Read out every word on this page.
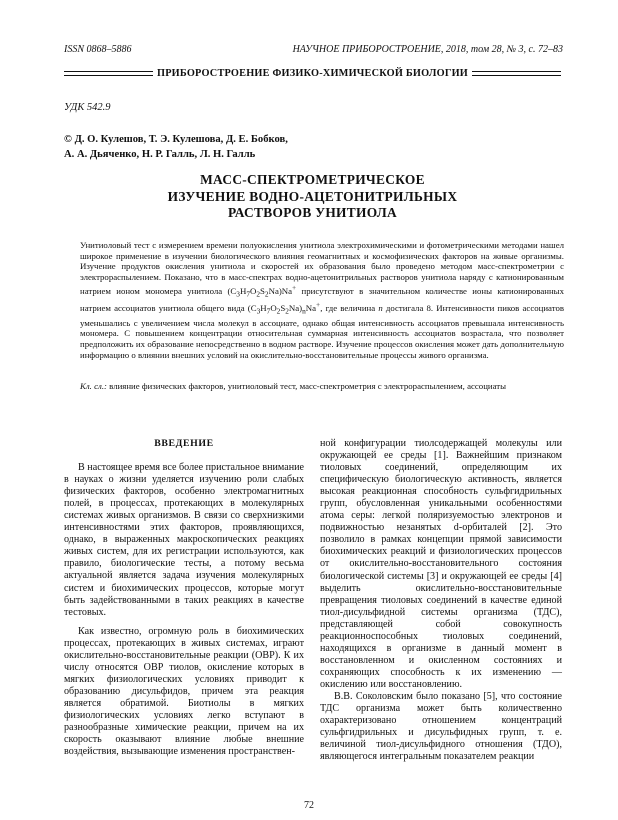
ISSN 0868–5886	НАУЧНОЕ ПРИБОРОСТРОЕНИЕ, 2018, том 28, № 3, с. 72–83
ПРИБОРОСТРОЕНИЕ ФИЗИКО-ХИМИЧЕСКОЙ БИОЛОГИИ
УДК 542.9
© Д. О. Кулешов, Т. Э. Кулешова, Д. Е. Бобков,
А. А. Дьяченко, Н. Р. Галль, Л. Н. Галль
МАСС-СПЕКТРОМЕТРИЧЕСКОЕ
ИЗУЧЕНИЕ ВОДНО-АЦЕТОНИТРИЛЬНЫХ
РАСТВОРОВ УНИТИОЛА
Унитиоловый тест с измерением времени полуокисления унитиола электрохимическими и фотометрическими методами нашел широкое применение в изучении биологического влияния геомагнитных и космофизических факторов на живые организмы. Изучение продуктов окисления унитиола и скоростей их образования было проведено методом масс-спектрометрии с электрораспылением. Показано, что в масс-спектрах водно-ацетонитрильных растворов унитиола наряду с катионированным натрием ионом мономера унитиола $(C_3H_7O_2S_2Na)Na^+$ присутствуют в значительном количестве ионы катионированных натрием ассоциатов унитиола общего вида $(C_3H_7O_2S_2Na)_nNa^+$, где величина n достигала 8. Интенсивности пиков ассоциатов уменьшались с увеличением числа молекул в ассоциате, однако общая интенсивность ассоциатов превышала интенсивность мономера. С повышением концентрации относительная суммарная интенсивность ассоциатов возрастала, что позволяет предположить их образование непосредственно в водном растворе. Изучение процессов окисления может дать дополнительную информацию о влиянии внешних условий на окислительно-восстановительные процессы живого организма.
Кл. сл.: влияние физических факторов, унитиоловый тест, масс-спектрометрия с электрораспылением, ассоциаты

ВВЕДЕНИЕ

В настоящее время все более пристальное внимание в науках о жизни уделяется изучению роли слабых физических факторов, особенно электромагнитных полей, в процессах, протекающих в молекулярных системах живых организмов. В связи со сверхнизкими интенсивностями этих факторов, проявляющихся, однако, в выраженных макроскопических реакциях живых систем, для их регистрации используются, как правило, биологические тесты, а потому весьма актуальной является задача изучения молекулярных систем и биохимических процессов, которые могут быть задействованными в таких реакциях в качестве тестовых.

Как известно, огромную роль в биохимических процессах, протекающих в живых системах, играют окислительно-восстановительные реакции (ОВР). К их числу относятся ОВР тиолов, окисление которых в мягких физиологических условиях приводит к образованию дисульфидов, причем эта реакция является обратимой. Биотиолы в мягких физиологических условиях легко вступают в разнообразные химические реакции, причем на их скорость оказывают влияние любые внешние воздействия, вызывающие изменения пространствен-

ной конфигурации тиолсодержащей молекулы или окружающей ее среды [1]. Важнейшим признаком тиоловых соединений, определяющим их специфическую биологическую активность, является высокая реакционная способность сульфгидрильных групп, обусловленная уникальными особенностями атома серы: легкой поляризуемостью электронов и подвижностью незанятых d-орбиталей [2]. Это позволило в рамках концепции прямой зависимости биохимических реакций и физиологических процессов от окислительно-восстановительного состояния биологической системы [3] и окружающей ее среды [4] выделить окислительно-восстановительные превращения тиоловых соединений в качестве единой тиол-дисульфидной системы организма (ТДС), представляющей собой совокупность реакционноспособных тиоловых соединений, находящихся в организме в данный момент в восстановленном и окисленном состояниях и сохраняющих способность к их изменению — окислению или восстановлению.

В.В. Соколовским было показано [5], что состояние ТДС организма может быть количественно охарактеризовано отношением концентраций сульфгидрильных и дисульфидных групп, т. е. величиной тиол-дисульфидного отношения (ТДО), являющегося интегральным показателем реакции

72
